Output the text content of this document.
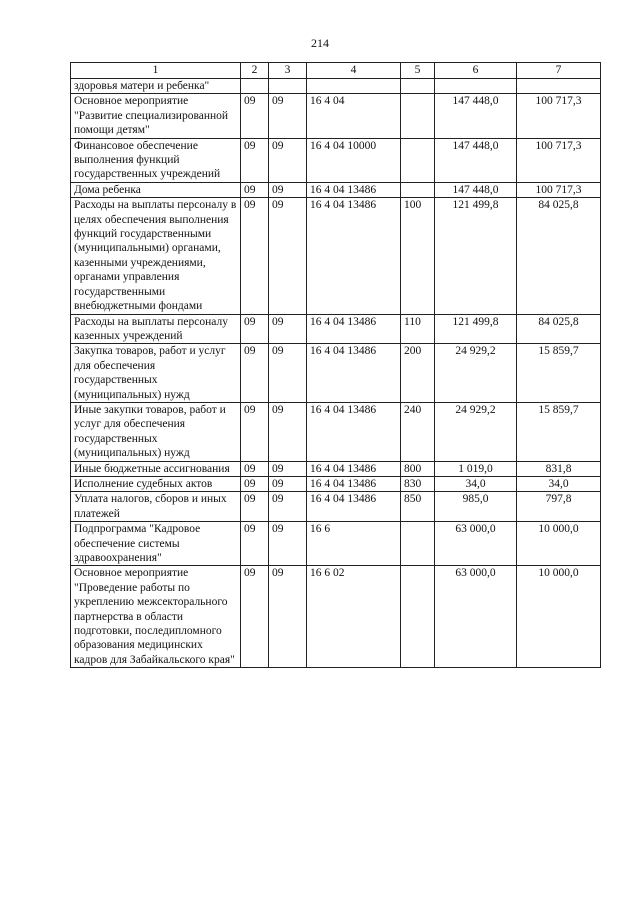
214
1	2	3	4	5	6	7
здоровья матери и ребенка"						
Основное мероприятие "Развитие специализированной помощи детям"	09	09	16 4 04		147 448,0	100 717,3
Финансовое обеспечение выполнения функций государственных учреждений	09	09	16 4 04 10000		147 448,0	100 717,3
Дома ребенка	09	09	16 4 04 13486		147 448,0	100 717,3
Расходы на выплаты персоналу в целях обеспечения выполнения функций государственными (муниципальными) органами, казенными учреждениями, органами управления государственными внебюджетными фондами	09	09	16 4 04 13486	100	121 499,8	84 025,8
Расходы на выплаты персоналу казенных учреждений	09	09	16 4 04 13486	110	121 499,8	84 025,8
Закупка товаров, работ и услуг для обеспечения государственных (муниципальных) нужд	09	09	16 4 04 13486	200	24 929,2	15 859,7
Иные закупки товаров, работ и услуг для обеспечения государственных (муниципальных) нужд	09	09	16 4 04 13486	240	24 929,2	15 859,7
Иные бюджетные ассигнования	09	09	16 4 04 13486	800	1 019,0	831,8
Исполнение судебных актов	09	09	16 4 04 13486	830	34,0	34,0
Уплата налогов, сборов и иных платежей	09	09	16 4 04 13486	850	985,0	797,8
Подпрограмма "Кадровое обеспечение системы здравоохранения"	09	09	16 6		63 000,0	10 000,0
Основное мероприятие "Проведение работы по укреплению межсекторального партнерства в области подготовки, последипломного образования медицинских кадров для Забайкальского края"	09	09	16 6 02		63 000,0	10 000,0
